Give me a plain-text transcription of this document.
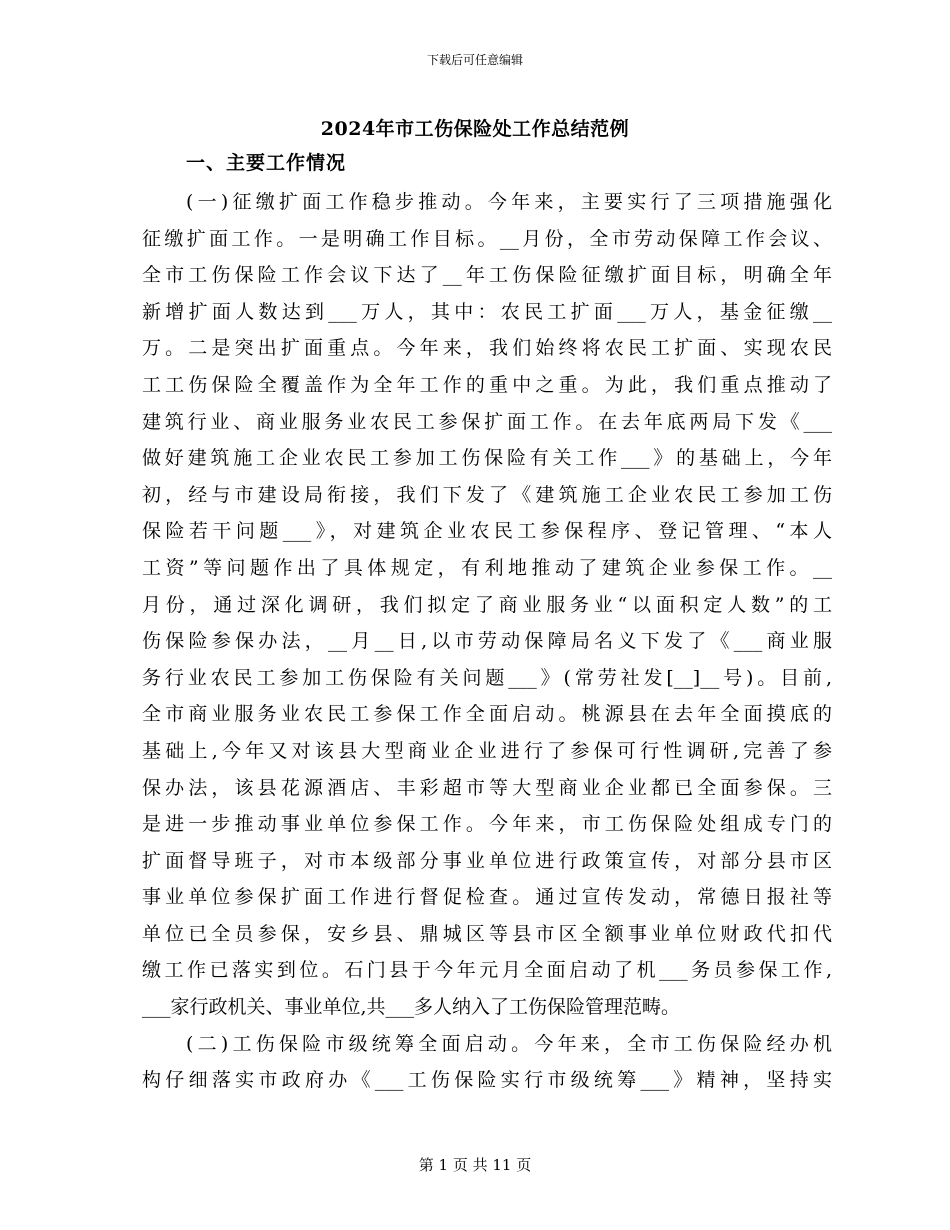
下载后可任意编辑
2024年市工伤保险处工作总结范例
一、主要工作情况
(一)征缴扩面工作稳步推动。今年来，主要实行了三项措施强化
征缴扩面工作。一是明确工作目标。__月份，全市劳动保障工作会议、
全市工伤保险工作会议下达了__年工伤保险征缴扩面目标，明确全年
新增扩面人数达到___万人，其中：农民工扩面___万人，基金征缴__
万。二是突出扩面重点。今年来，我们始终将农民工扩面、实现农民
工工伤保险全覆盖作为全年工作的重中之重。为此，我们重点推动了
建筑行业、商业服务业农民工参保扩面工作。在去年底两局下发《___
做好建筑施工企业农民工参加工伤保险有关工作___》的基础上，今年
初，经与市建设局衔接，我们下发了《建筑施工企业农民工参加工伤
保险若干问题___》，对建筑企业农民工参保程序、登记管理、“本人
工资”等问题作出了具体规定，有利地推动了建筑企业参保工作。__
月份，通过深化调研，我们拟定了商业服务业“以面积定人数”的工
伤保险参保办法，__月__日,以市劳动保障局名义下发了《___商业服
务行业农民工参加工伤保险有关问题___》(常劳社发[__]__号)。目前,
全市商业服务业农民工参保工作全面启动。桃源县在去年全面摸底的
基础上,今年又对该县大型商业企业进行了参保可行性调研,完善了参
保办法，该县花源酒店、丰彩超市等大型商业企业都已全面参保。三
是进一步推动事业单位参保工作。今年来，市工伤保险处组成专门的
扩面督导班子，对市本级部分事业单位进行政策宣传，对部分县市区
事业单位参保扩面工作进行督促检查。通过宣传发动，常德日报社等
单位已全员参保，安乡县、鼎城区等县市区全额事业单位财政代扣代
缴工作已落实到位。石门县于今年元月全面启动了机___务员参保工作,
___家行政机关、事业单位,共___多人纳入了工伤保险管理范畴。
(二)工伤保险市级统筹全面启动。今年来，全市工伤保险经办机
构仔细落实市政府办《___工伤保险实行市级统筹___》精神，坚持实
第 1 页 共 11 页
